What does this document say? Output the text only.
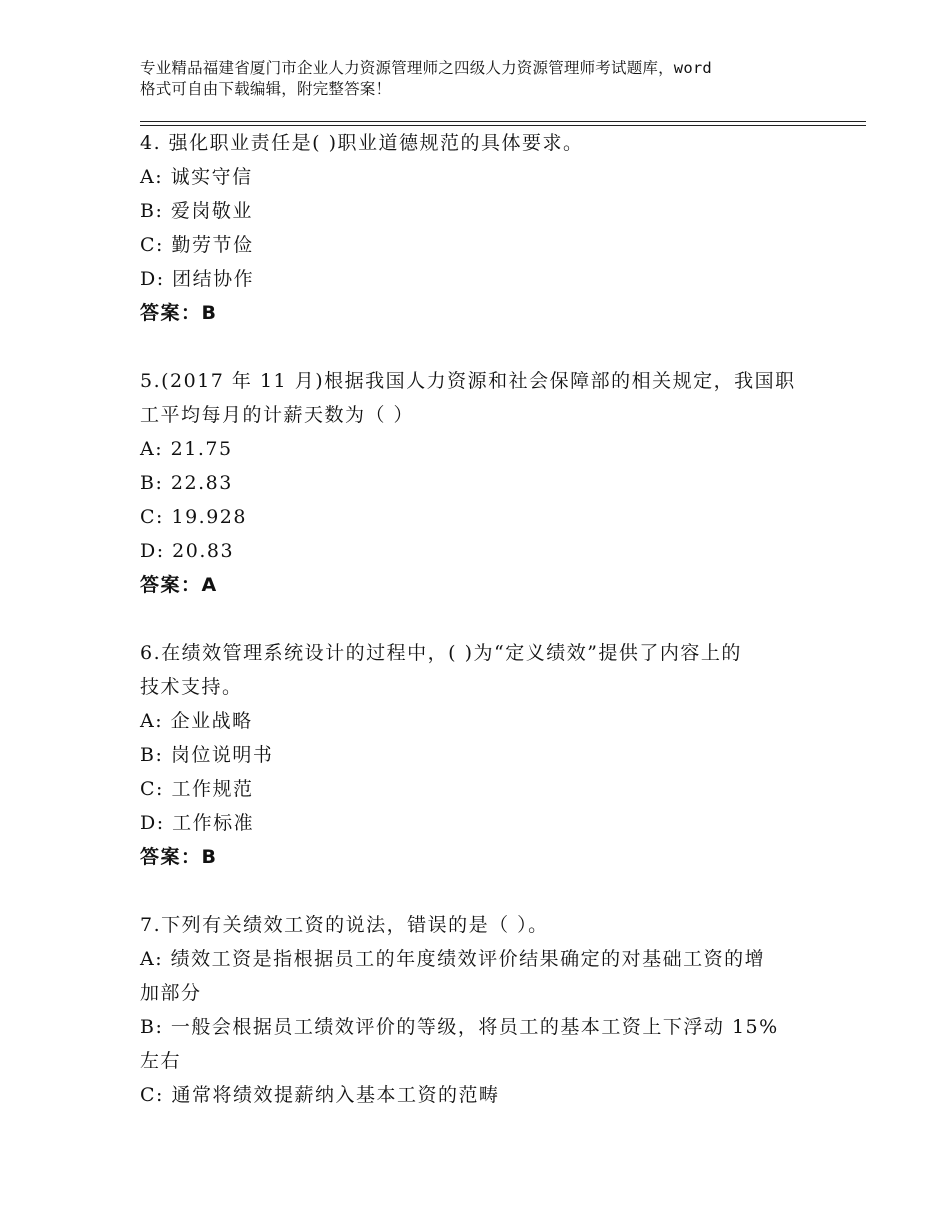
专业精品福建省厦门市企业人力资源管理师之四级人力资源管理师考试题库，word
格式可自由下载编辑，附完整答案！
4. 强化职业责任是( )职业道德规范的具体要求。
A: 诚实守信
B: 爱岗敬业
C: 勤劳节俭
D: 团结协作
答案：B
5.(2017 年 11 月)根据我国人力资源和社会保障部的相关规定，我国职
工平均每月的计薪天数为（ ）
A: 21.75
B: 22.83
C: 19.928
D: 20.83
答案：A
6.在绩效管理系统设计的过程中，( )为“定义绩效”提供了内容上的
技术支持。
A: 企业战略
B: 岗位说明书
C: 工作规范
D: 工作标准
答案：B
7.下列有关绩效工资的说法，错误的是（ ）。
A: 绩效工资是指根据员工的年度绩效评价结果确定的对基础工资的增
加部分
B: 一般会根据员工绩效评价的等级，将员工的基本工资上下浮动 15%
左右
C: 通常将绩效提薪纳入基本工资的范畴
